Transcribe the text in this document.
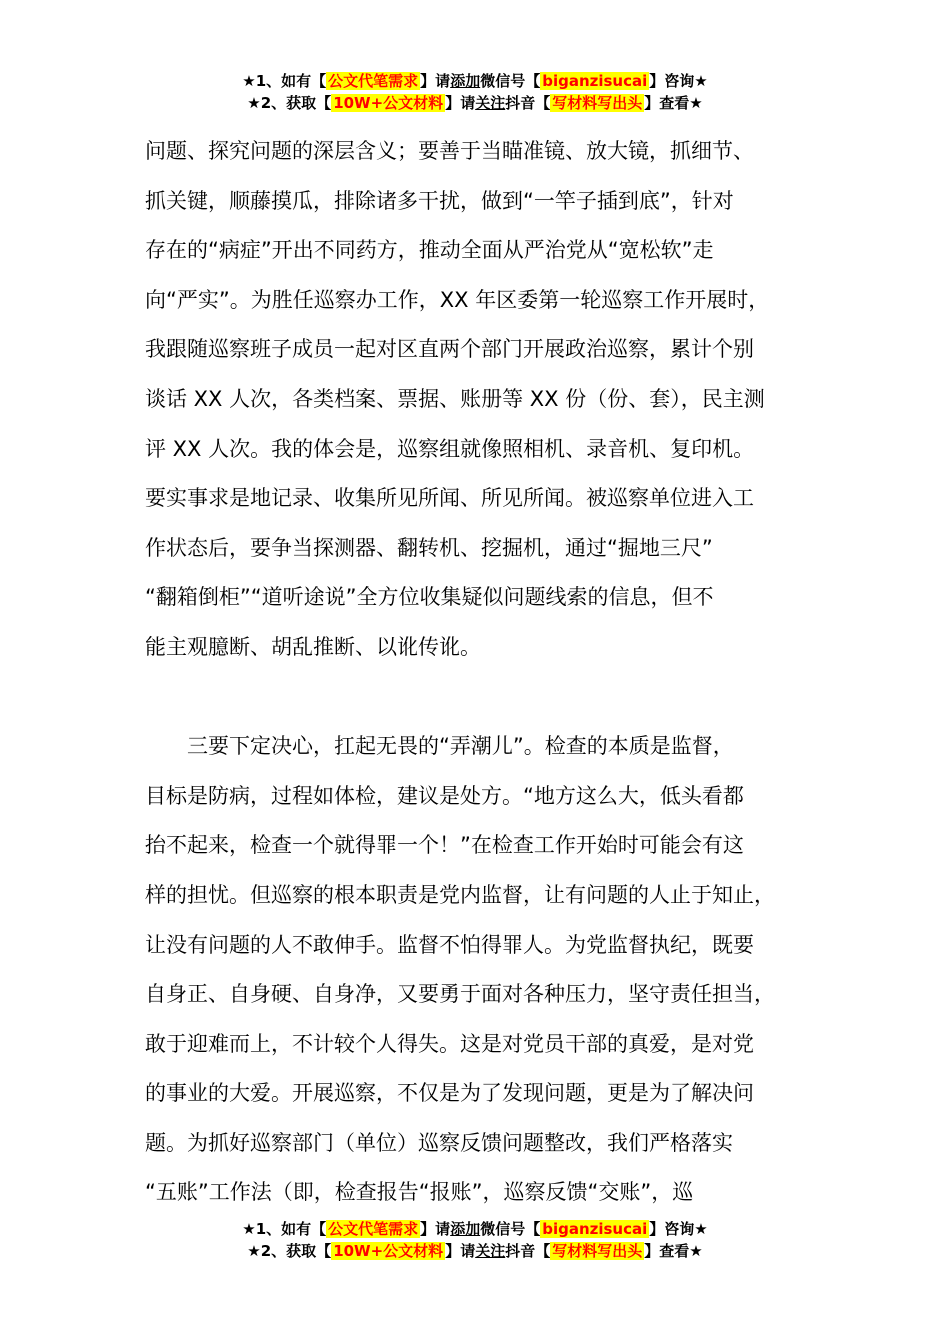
★1、如有【 公文代笔需求 】请添加微信号【 biganzisucai 】咨询★
★2、获取【 10W+公文材料 】请关注抖音【 写材料写出头 】查看★
问题、探究问题的深层含义；要善于当瞄准镜、放大镜，抓细节、
抓关键，顺藤摸瓜，排除诸多干扰，做到“一竿子插到底”，针对
存在的“病症”开出不同药方，推动全面从严治党从“宽松软”走
向“严实”。为胜任巡察办工作，XX 年区委第一轮巡察工作开展时，
我跟随巡察班子成员一起对区直两个部门开展政治巡察，累计个别
谈话 XX 人次，各类档案、票据、账册等 XX 份（份、套），民主测
评 XX 人次。我的体会是，巡察组就像照相机、录音机、复印机。
要实事求是地记录、收集所见所闻、所见所闻。被巡察单位进入工
作状态后，要争当探测器、翻转机、挖掘机，通过“掘地三尺”
“翻箱倒柜”“道听途说”全方位收集疑似问题线索的信息，但不
能主观臆断、胡乱推断、以讹传讹。
　　三要下定决心，扛起无畏的“弄潮儿”。检查的本质是监督，
目标是防病，过程如体检，建议是处方。“地方这么大，低头看都
抬不起来，检查一个就得罪一个！”在检查工作开始时可能会有这
样的担忧。但巡察的根本职责是党内监督，让有问题的人止于知止，
让没有问题的人不敢伸手。监督不怕得罪人。为党监督执纪，既要
自身正、自身硬、自身净，又要勇于面对各种压力，坚守责任担当，
敢于迎难而上，不计较个人得失。这是对党员干部的真爱，是对党
的事业的大爱。开展巡察，不仅是为了发现问题，更是为了解决问
题。为抓好巡察部门（单位）巡察反馈问题整改，我们严格落实
“五账”工作法（即，检查报告“报账”，巡察反馈“交账”，巡
★1、如有【 公文代笔需求 】请添加微信号【 biganzisucai 】咨询★
★2、获取【 10W+公文材料 】请关注抖音【 写材料写出头 】查看★
